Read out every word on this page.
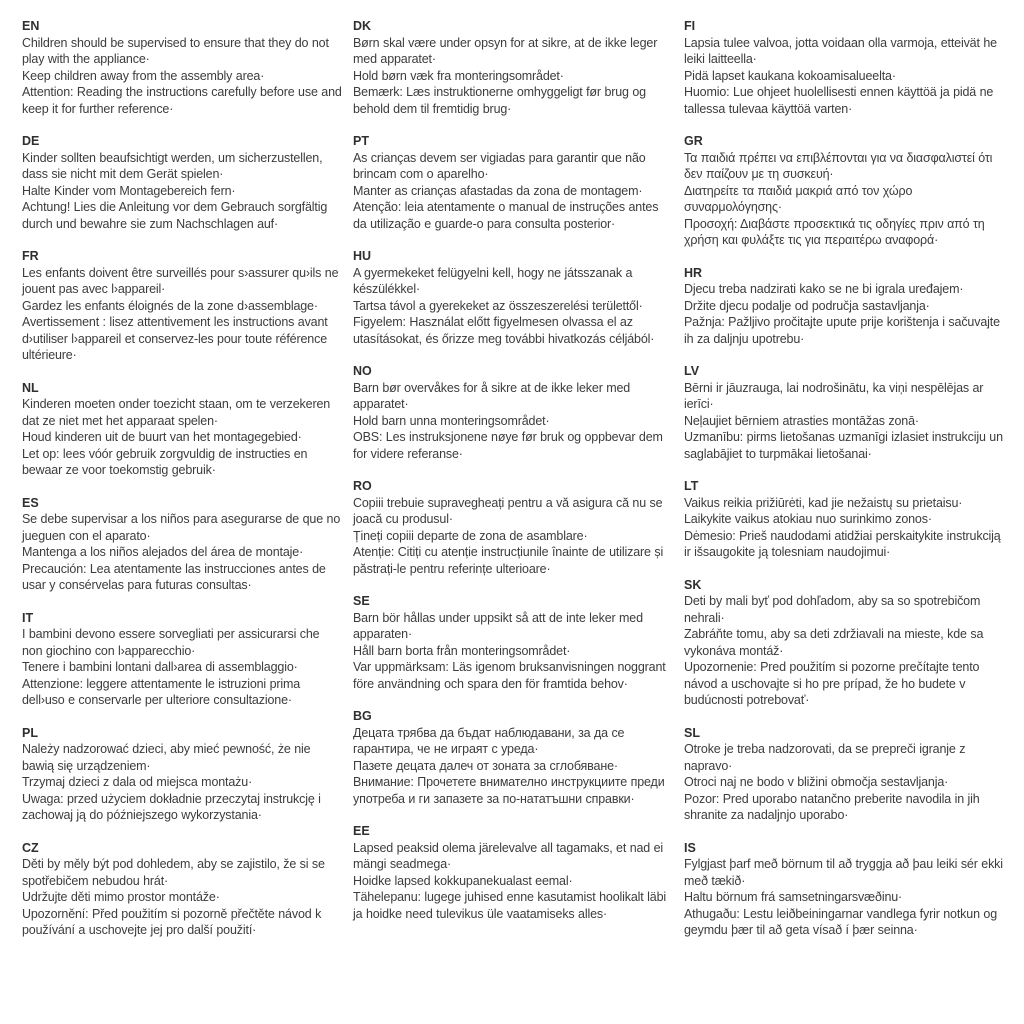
EN
Children should be supervised to ensure that they do not play with the appliance·
Keep children away from the assembly area·
Attention: Reading the instructions carefully before use and keep it for further reference·
DE
Kinder sollten beaufsichtigt werden, um sicherzustellen, dass sie nicht mit dem Gerät spielen·
Halte Kinder vom Montagebereich fern·
Achtung! Lies die Anleitung vor dem Gebrauch sorgfältig durch und bewahre sie zum Nachschlagen auf·
FR
Les enfants doivent être surveillés pour s›assurer qu›ils ne jouent pas avec l›appareil·
Gardez les enfants éloignés de la zone d›assemblage·
Avertissement : lisez attentivement les instructions avant d›utiliser l›appareil et conservez-les pour toute référence ultérieure·
NL
Kinderen moeten onder toezicht staan, om te verzekeren dat ze niet met het apparaat spelen·
Houd kinderen uit de buurt van het montagegebied·
Let op: lees vóór gebruik zorgvuldig de instructies en bewaar ze voor toekomstig gebruik·
ES
Se debe supervisar a los niños para asegurarse de que no jueguen con el aparato·
Mantenga a los niños alejados del área de montaje·
Precaución: Lea atentamente las instrucciones antes de usar y consérvelas para futuras consultas·
IT
I bambini devono essere sorvegliati per assicurarsi che non giochino con l›apparecchio·
Tenere i bambini lontani dall›area di assemblaggio·
Attenzione: leggere attentamente le istruzioni prima dell›uso e conservarle per ulteriore consultazione·
PL
Należy nadzorować dzieci, aby mieć pewność, że nie bawią się urządzeniem·
Trzymaj dzieci z dala od miejsca montażu·
Uwaga: przed użyciem dokładnie przeczytaj instrukcję i zachowaj ją do późniejszego wykorzystania·
CZ
Děti by měly být pod dohledem, aby se zajistilo, že si se spotřebičem nebudou hrát·
Udržujte děti mimo prostor montáže·
Upozornění: Před použitím si pozorně přečtěte návod k používání a uschovejte jej pro další použití·
DK
Børn skal være under opsyn for at sikre, at de ikke leger med apparatet·
Hold børn væk fra monteringsområdet·
Bemærk: Læs instruktionerne omhyggeligt før brug og behold dem til fremtidig brug·
PT
As crianças devem ser vigiadas para garantir que não brincam com o aparelho·
Manter as crianças afastadas da zona de montagem·
Atenção: leia atentamente o manual de instruções antes da utilização e guarde-o para consulta posterior·
HU
A gyermekeket felügyelni kell, hogy ne játsszanak a készülékkel·
Tartsa távol a gyerekeket az összeszerelési területtől·
Figyelem: Használat előtt figyelmesen olvassa el az utasításokat, és őrizze meg további hivatkozás céljából·
NO
Barn bør overvåkes for å sikre at de ikke leker med apparatet·
Hold barn unna monteringsområdet·
OBS: Les instruksjonene nøye før bruk og oppbevar dem for videre referanse·
RO
Copiii trebuie supravegheați pentru a vă asigura că nu se joacă cu produsul·
Țineți copiii departe de zona de asamblare·
Atenție: Citiți cu atenție instrucțiunile înainte de utilizare și păstrați-le pentru referințe ulterioare·
SE
Barn bör hållas under uppsikt så att de inte leker med apparaten·
Håll barn borta från monteringsområdet·
Var uppmärksam: Läs igenom bruksanvisningen noggrant före användning och spara den för framtida behov·
BG
Децата трябва да бъдат наблюдавани, за да се гарантира, че не играят с уреда·
Пазете децата далеч от зоната за сглобяване·
Внимание: Прочетете внимателно инструкциите преди употреба и ги запазете за по-нататъшни справки·
EE
Lapsed peaksid olema järelevalve all tagamaks, et nad ei mängi seadmega·
Hoidke lapsed kokkupanekualast eemal·
Tähelepanu: lugege juhised enne kasutamist hoolikalt läbi ja hoidke need tulevikus üle vaatamiseks alles·
FI
Lapsia tulee valvoa, jotta voidaan olla varmoja, etteivät he leiki laitteella·
Pidä lapset kaukana kokoamisalueelta·
Huomio: Lue ohjeet huolellisesti ennen käyttöä ja pidä ne tallessa tulevaa käyttöä varten·
GR
Τα παιδιά πρέπει να επιβλέπονται για να διασφαλιστεί ότι δεν παίζουν με τη συσκευή·
Διατηρείτε τα παιδιά μακριά από τον χώρο συναρμολόγησης·
Προσοχή: Διαβάστε προσεκτικά τις οδηγίες πριν από τη χρήση και φυλάξτε τις για περαιτέρω αναφορά·
HR
Djecu treba nadzirati kako se ne bi igrala uređajem·
Držite djecu podalje od područja sastavljanja·
Pažnja: Pažljivo pročitajte upute prije korištenja i sačuvajte ih za daljnju upotrebu·
LV
Bērni ir jāuzrauga, lai nodrošinātu, ka viņi nespēlējas ar ierīci·
Neļaujiet bērniem atrasties montāžas zonā·
Uzmanību: pirms lietošanas uzmanīgi izlasiet instrukciju un saglabājiet to turpmākai lietošanai·
LT
Vaikus reikia prižiūrėti, kad jie nežaistų su prietaisu·
Laikykite vaikus atokiau nuo surinkimo zonos·
Dėmesio: Prieš naudodami atidžiai perskaitykite instrukciją ir išsaugokite ją tolesniam naudojimui·
SK
Deti by mali byť pod dohľadom, aby sa so spotrebičom nehrali·
Zabráňte tomu, aby sa deti zdržiavali na mieste, kde sa vykonáva montáž·
Upozornenie: Pred použitím si pozorne prečítajte tento návod a uschovajte si ho pre prípad, že ho budete v budúcnosti potrebovať·
SL
Otroke je treba nadzorovati, da se prepreči igranje z napravo·
Otroci naj ne bodo v bližini območja sestavljanja·
Pozor: Pred uporabo natančno preberite navodila in jih shranite za nadaljnjo uporabo·
IS
Fylgjast þarf með börnum til að tryggja að þau leiki sér ekki með tækið·
Haltu börnum frá samsetningarsvæðinu·
Athugaðu: Lestu leiðbeiningarnar vandlega fyrir notkun og geymdu þær til að geta vísað í þær seinna·
